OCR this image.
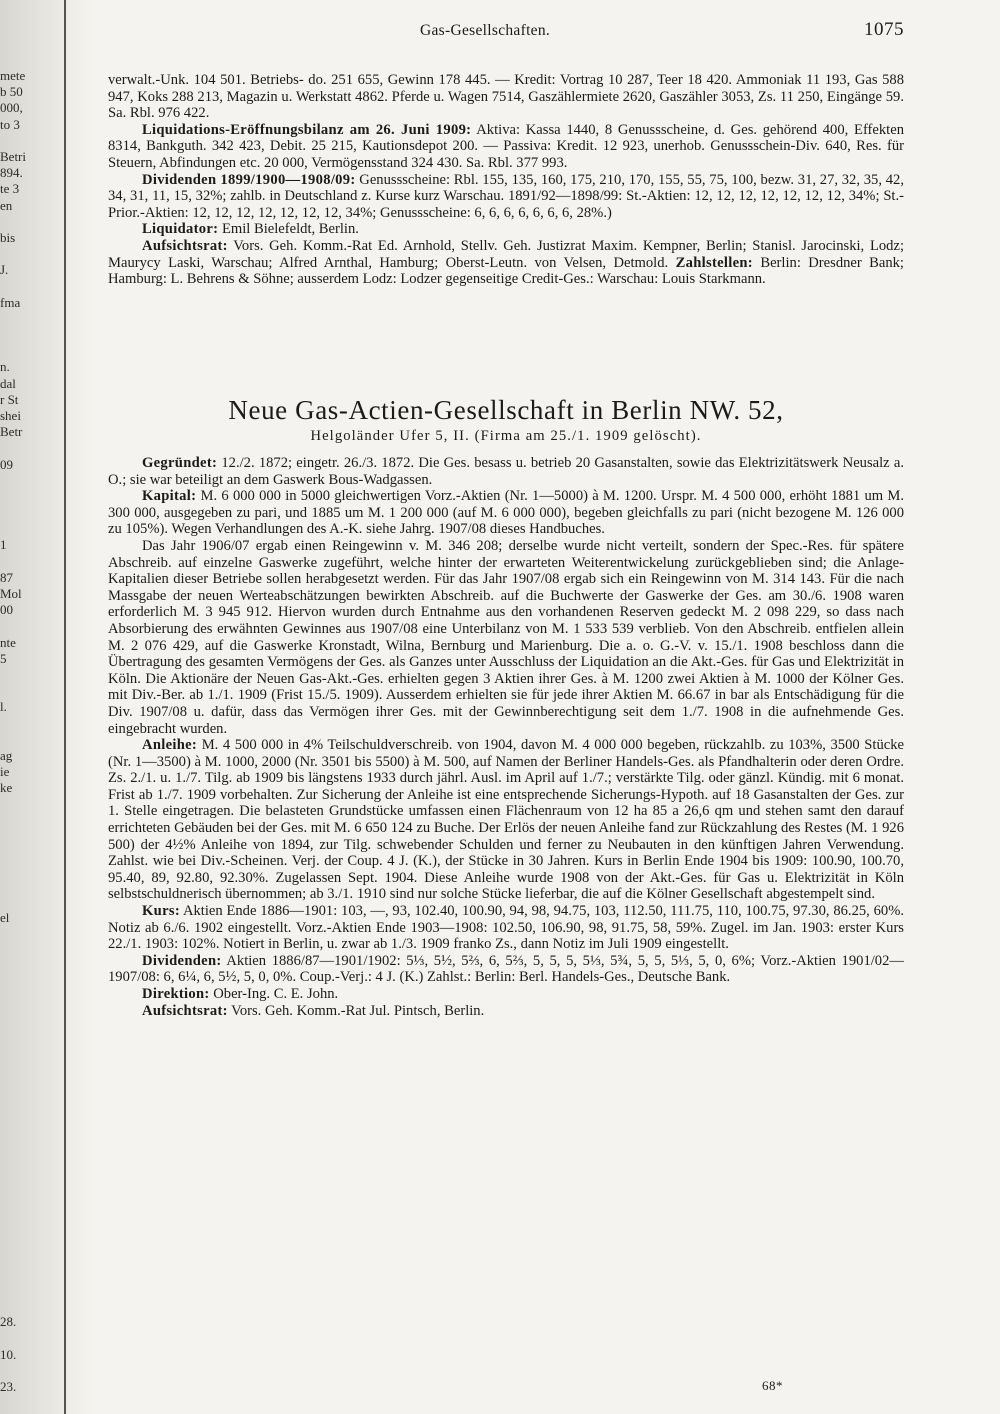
mete
b 50
000,
to 3
Betri
894.
te 3
en
bis
J.
fma
n.
dal
r St
shei
Betr
09
1
87
Mol
00
nte
5
l.
ag
ie
ke
el
28.
10.
23.
Gas-Gesellschaften.	1075

verwalt.-Unk. 104 501. Betriebs- do. 251 655, Gewinn 178 445. — Kredit: Vortrag 10 287, Teer 18 420. Ammoniak 11 193, Gas 588 947, Koks 288 213, Magazin u. Werkstatt 4862. Pferde u. Wagen 7514, Gaszählermiete 2620, Gaszähler 3053, Zs. 11 250, Eingänge 59. Sa. Rbl. 976 422.

Liquidations-Eröffnungsbilanz am 26. Juni 1909: Aktiva: Kassa 1440, 8 Genussscheine, d. Ges. gehörend 400, Effekten 8314, Bankguth. 342 423, Debit. 25 215, Kautionsdepot 200. — Passiva: Kredit. 12 923, unerhob. Genussschein-Div. 640, Res. für Steuern, Abfindungen etc. 20 000, Vermögensstand 324 430. Sa. Rbl. 377 993.

Dividenden 1899/1900—1908/09: Genussscheine: Rbl. 155, 135, 160, 175, 210, 170, 155, 55, 75, 100, bezw. 31, 27, 32, 35, 42, 34, 31, 11, 15, 32%; zahlb. in Deutschland z. Kurse kurz Warschau. 1891/92—1898/99: St.-Aktien: 12, 12, 12, 12, 12, 12, 12, 34%; St.-Prior.-Aktien: 12, 12, 12, 12, 12, 12, 12, 34%; Genussscheine: 6, 6, 6, 6, 6, 6, 6, 28%.)

Liquidator: Emil Bielefeldt, Berlin.

Aufsichtsrat: Vors. Geh. Komm.-Rat Ed. Arnhold, Stellv. Geh. Justizrat Maxim. Kempner, Berlin; Stanisl. Jarocinski, Lodz; Maurycy Laski, Warschau; Alfred Arnthal, Hamburg; Oberst-Leutn. von Velsen, Detmold. Zahlstellen: Berlin: Dresdner Bank; Hamburg: L. Behrens & Söhne; ausserdem Lodz: Lodzer gegenseitige Credit-Ges.: Warschau: Louis Starkmann.

Neue Gas-Actien-Gesellschaft in Berlin NW. 52,
Helgoländer Ufer 5, II. (Firma am 25./1. 1909 gelöscht).

Gegründet: 12./2. 1872; eingetr. 26./3. 1872. Die Ges. besass u. betrieb 20 Gasanstalten, sowie das Elektrizitätswerk Neusalz a. O.; sie war beteiligt an dem Gaswerk Bous-Wadgassen.

Kapital: M. 6 000 000 in 5000 gleichwertigen Vorz.-Aktien (Nr. 1—5000) à M. 1200. Urspr. M. 4 500 000, erhöht 1881 um M. 300 000, ausgegeben zu pari, und 1885 um M. 1 200 000 (auf M. 6 000 000), begeben gleichfalls zu pari (nicht bezogene M. 126 000 zu 105%). Wegen Verhandlungen des A.-K. siehe Jahrg. 1907/08 dieses Handbuches.

Das Jahr 1906/07 ergab einen Reingewinn v. M. 346 208; derselbe wurde nicht verteilt, sondern der Spec.-Res. für spätere Abschreib. auf einzelne Gaswerke zugeführt, welche hinter der erwarteten Weiterentwickelung zurückgeblieben sind; die Anlage-Kapitalien dieser Betriebe sollen herabgesetzt werden. Für das Jahr 1907/08 ergab sich ein Reingewinn von M. 314 143. Für die nach Massgabe der neuen Werteabschätzungen bewirkten Abschreib. auf die Buchwerte der Gaswerke der Ges. am 30./6. 1908 waren erforderlich M. 3 945 912. Hiervon wurden durch Entnahme aus den vorhandenen Reserven gedeckt M. 2 098 229, so dass nach Absorbierung des erwähnten Gewinnes aus 1907/08 eine Unterbilanz von M. 1 533 539 verblieb. Von den Abschreib. entfielen allein M. 2 076 429, auf die Gaswerke Kronstadt, Wilna, Bernburg und Marienburg. Die a. o. G.-V. v. 15./1. 1908 beschloss dann die Übertragung des gesamten Vermögens der Ges. als Ganzes unter Ausschluss der Liquidation an die Akt.-Ges. für Gas und Elektrizität in Köln. Die Aktionäre der Neuen Gas-Akt.-Ges. erhielten gegen 3 Aktien ihrer Ges. à M. 1200 zwei Aktien à M. 1000 der Kölner Ges. mit Div.-Ber. ab 1./1. 1909 (Frist 15./5. 1909). Ausserdem erhielten sie für jede ihrer Aktien M. 66.67 in bar als Entschädigung für die Div. 1907/08 u. dafür, dass das Vermögen ihrer Ges. mit der Gewinnberechtigung seit dem 1./7. 1908 in die aufnehmende Ges. eingebracht wurden.

Anleihe: M. 4 500 000 in 4% Teilschuldverschreib. von 1904, davon M. 4 000 000 begeben, rückzahlb. zu 103%, 3500 Stücke (Nr. 1—3500) à M. 1000, 2000 (Nr. 3501 bis 5500) à M. 500, auf Namen der Berliner Handels-Ges. als Pfandhalterin oder deren Ordre. Zs. 2./1. u. 1./7. Tilg. ab 1909 bis längstens 1933 durch jährl. Ausl. im April auf 1./7.; verstärkte Tilg. oder gänzl. Kündig. mit 6 monat. Frist ab 1./7. 1909 vorbehalten. Zur Sicherung der Anleihe ist eine entsprechende Sicherungs-Hypoth. auf 18 Gasanstalten der Ges. zur 1. Stelle eingetragen. Die belasteten Grundstücke umfassen einen Flächenraum von 12 ha 85 a 26,6 qm und stehen samt den darauf errichteten Gebäuden bei der Ges. mit M. 6 650 124 zu Buche. Der Erlös der neuen Anleihe fand zur Rückzahlung des Restes (M. 1 926 500) der 4½% Anleihe von 1894, zur Tilg. schwebender Schulden und ferner zu Neubauten in den künftigen Jahren Verwendung. Zahlst. wie bei Div.-Scheinen. Verj. der Coup. 4 J. (K.), der Stücke in 30 Jahren. Kurs in Berlin Ende 1904 bis 1909: 100.90, 100.70, 95.40, 89, 92.80, 92.30%. Zugelassen Sept. 1904. Diese Anleihe wurde 1908 von der Akt.-Ges. für Gas u. Elektrizität in Köln selbstschuldnerisch übernommen; ab 3./1. 1910 sind nur solche Stücke lieferbar, die auf die Kölner Gesellschaft abgestempelt sind.

Kurs: Aktien Ende 1886—1901: 103, —, 93, 102.40, 100.90, 94, 98, 94.75, 103, 112.50, 111.75, 110, 100.75, 97.30, 86.25, 60%. Notiz ab 6./6. 1902 eingestellt. Vorz.-Aktien Ende 1903—1908: 102.50, 106.90, 98, 91.75, 58, 59%. Zugel. im Jan. 1903: erster Kurs 22./1. 1903: 102%. Notiert in Berlin, u. zwar ab 1./3. 1909 franko Zs., dann Notiz im Juli 1909 eingestellt.

Dividenden: Aktien 1886/87—1901/1902: 5⅓, 5½, 5⅔, 6, 5⅔, 5, 5, 5, 5⅓, 5¾, 5, 5, 5⅓, 5, 0, 6%; Vorz.-Aktien 1901/02—1907/08: 6, 6¼, 6, 5½, 5, 0, 0%. Coup.-Verj.: 4 J. (K.) Zahlst.: Berlin: Berl. Handels-Ges., Deutsche Bank.

Direktion: Ober-Ing. C. E. John.

Aufsichtsrat: Vors. Geh. Komm.-Rat Jul. Pintsch, Berlin.

68*
